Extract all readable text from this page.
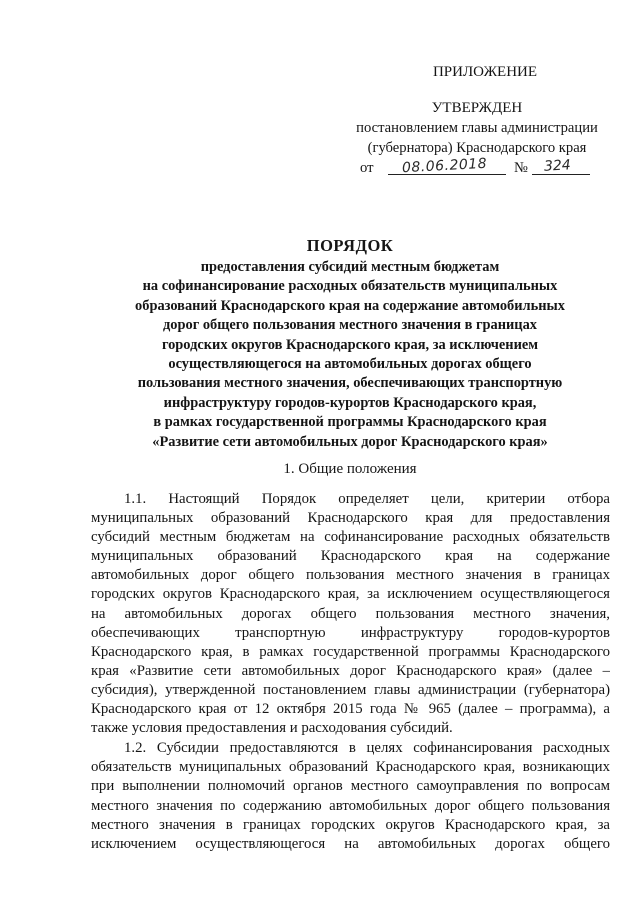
ПРИЛОЖЕНИЕ
УТВЕРЖДЕН
постановлением главы администрации
(губернатора) Краснодарского края
от 08.06.2018 № 324
ПОРЯДОК
предоставления субсидий местным бюджетам
на софинансирование расходных обязательств муниципальных
образований Краснодарского края на содержание автомобильных
дорог общего пользования местного значения в границах
городских округов Краснодарского края, за исключением
осуществляющегося на автомобильных дорогах общего
пользования местного значения, обеспечивающих транспортную
инфраструктуру городов-курортов Краснодарского края,
в рамках государственной программы Краснодарского края
«Развитие сети автомобильных дорог Краснодарского края»
1. Общие положения
1.1. Настоящий Порядок определяет цели, критерии отбора
муниципальных образований Краснодарского края для предоставления
субсидий местным бюджетам на софинансирование расходных обязательств
муниципальных образований Краснодарского края на содержание
автомобильных дорог общего пользования местного значения в границах
городских округов Краснодарского края, за исключением осуществляющегося
на автомобильных дорогах общего пользования местного значения,
обеспечивающих транспортную инфраструктуру городов-курортов
Краснодарского края, в рамках государственной программы Краснодарского
края «Развитие сети автомобильных дорог Краснодарского края» (далее –
субсидия), утвержденной постановлением главы администрации (губернатора)
Краснодарского края от 12 октября 2015 года № 965 (далее – программа), а
также условия предоставления и расходования субсидий.
1.2. Субсидии предоставляются в целях софинансирования расходных
обязательств муниципальных образований Краснодарского края, возникающих
при выполнении полномочий органов местного самоуправления по вопросам
местного значения по содержанию автомобильных дорог общего пользования
местного значения в границах городских округов Краснодарского края, за
исключением осуществляющегося на автомобильных дорогах общего
